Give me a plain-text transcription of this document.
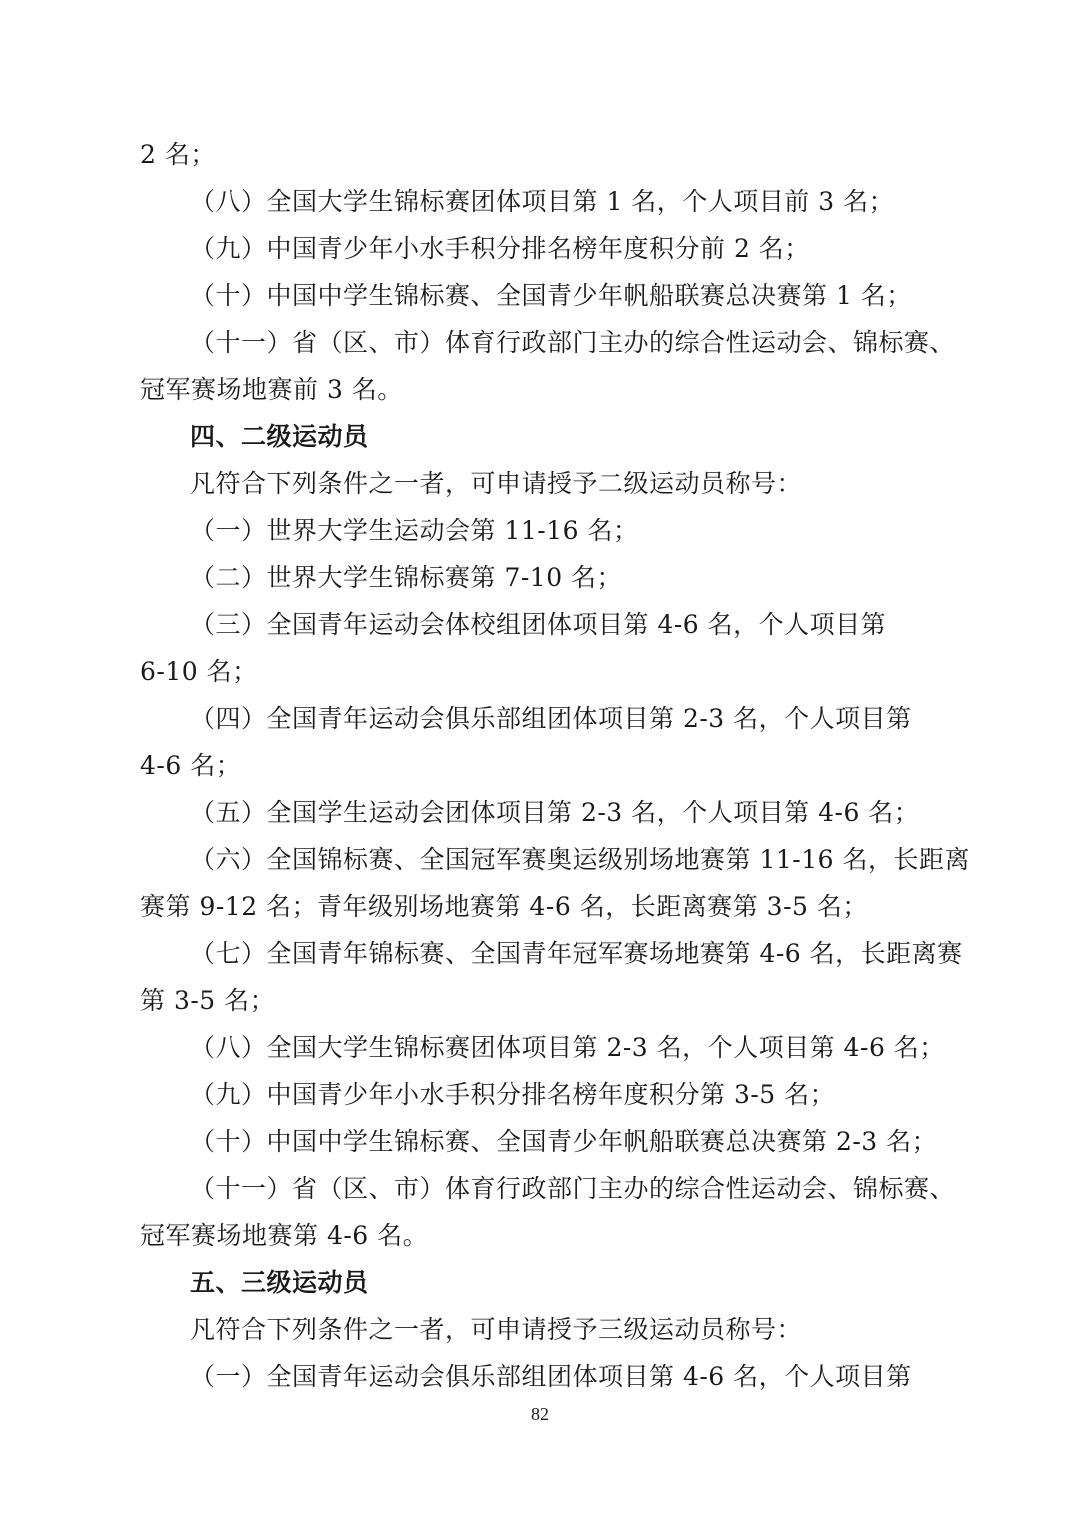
2 名；
（八）全国大学生锦标赛团体项目第 1 名，个人项目前 3 名；
（九）中国青少年小水手积分排名榜年度积分前 2 名；
（十）中国中学生锦标赛、全国青少年帆船联赛总决赛第 1 名；
（十一）省（区、市）体育行政部门主办的综合性运动会、锦标赛、
冠军赛场地赛前 3 名。
四、二级运动员
凡符合下列条件之一者，可申请授予二级运动员称号：
（一）世界大学生运动会第 11-16 名；
（二）世界大学生锦标赛第 7-10 名；
（三）全国青年运动会体校组团体项目第 4-6 名，个人项目第
6-10 名；
（四）全国青年运动会俱乐部组团体项目第 2-3 名，个人项目第
4-6 名；
（五）全国学生运动会团体项目第 2-3 名，个人项目第 4-6 名；
（六）全国锦标赛、全国冠军赛奥运级别场地赛第 11-16 名，长距离
赛第 9-12 名；青年级别场地赛第 4-6 名，长距离赛第 3-5 名；
（七）全国青年锦标赛、全国青年冠军赛场地赛第 4-6 名，长距离赛
第 3-5 名；
（八）全国大学生锦标赛团体项目第 2-3 名，个人项目第 4-6 名；
（九）中国青少年小水手积分排名榜年度积分第 3-5 名；
（十）中国中学生锦标赛、全国青少年帆船联赛总决赛第 2-3 名；
（十一）省（区、市）体育行政部门主办的综合性运动会、锦标赛、
冠军赛场地赛第 4-6 名。
五、三级运动员
凡符合下列条件之一者，可申请授予三级运动员称号：
（一）全国青年运动会俱乐部组团体项目第 4-6 名，个人项目第
82
